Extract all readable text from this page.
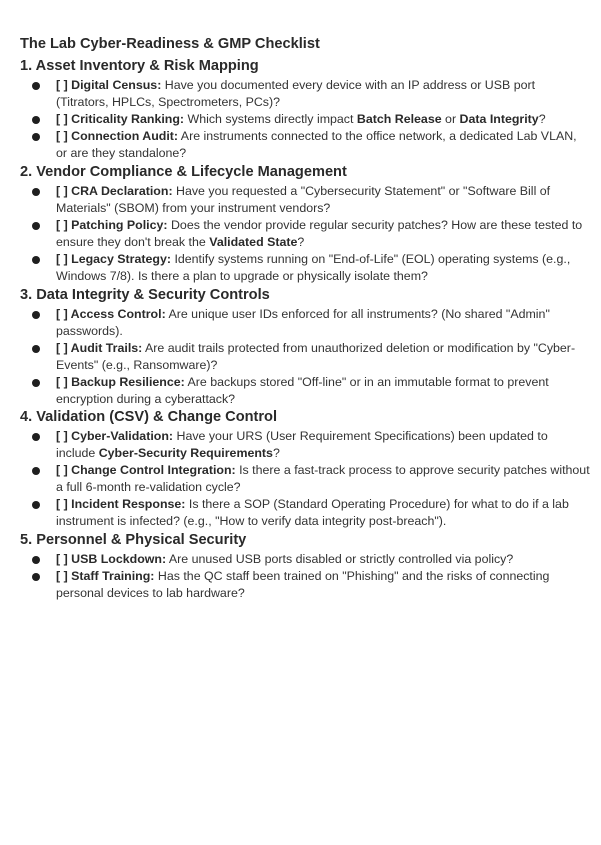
The Lab Cyber-Readiness & GMP Checklist
1. Asset Inventory & Risk Mapping
[ ] Digital Census: Have you documented every device with an IP address or USB port (Titrators, HPLCs, Spectrometers, PCs)?
[ ] Criticality Ranking: Which systems directly impact Batch Release or Data Integrity?
[ ] Connection Audit: Are instruments connected to the office network, a dedicated Lab VLAN, or are they standalone?
2. Vendor Compliance & Lifecycle Management
[ ] CRA Declaration: Have you requested a "Cybersecurity Statement" or "Software Bill of Materials" (SBOM) from your instrument vendors?
[ ] Patching Policy: Does the vendor provide regular security patches? How are these tested to ensure they don't break the Validated State?
[ ] Legacy Strategy: Identify systems running on "End-of-Life" (EOL) operating systems (e.g., Windows 7/8). Is there a plan to upgrade or physically isolate them?
3. Data Integrity & Security Controls
[ ] Access Control: Are unique user IDs enforced for all instruments? (No shared "Admin" passwords).
[ ] Audit Trails: Are audit trails protected from unauthorized deletion or modification by "Cyber-Events" (e.g., Ransomware)?
[ ] Backup Resilience: Are backups stored "Off-line" or in an immutable format to prevent encryption during a cyberattack?
4. Validation (CSV) & Change Control
[ ] Cyber-Validation: Have your URS (User Requirement Specifications) been updated to include Cyber-Security Requirements?
[ ] Change Control Integration: Is there a fast-track process to approve security patches without a full 6-month re-validation cycle?
[ ] Incident Response: Is there a SOP (Standard Operating Procedure) for what to do if a lab instrument is infected? (e.g., "How to verify data integrity post-breach").
5. Personnel & Physical Security
[ ] USB Lockdown: Are unused USB ports disabled or strictly controlled via policy?
[ ] Staff Training: Has the QC staff been trained on "Phishing" and the risks of connecting personal devices to lab hardware?
